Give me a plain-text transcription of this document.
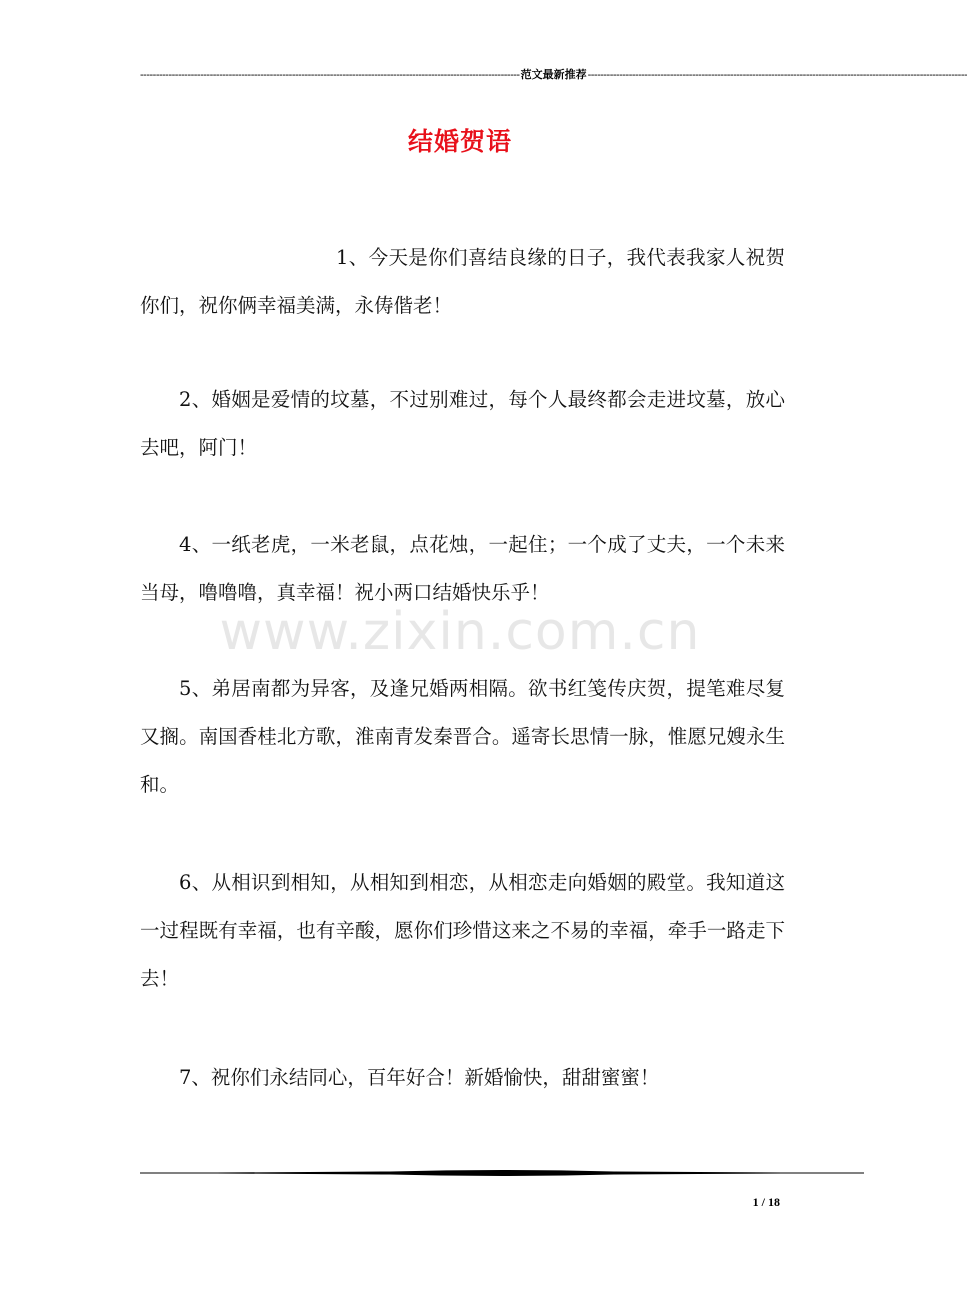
------------------------------------------------------------------------------------------------------------------------ 范文最新推荐 ------------------------------------------------------------------------------------------------------------------------
结婚贺语
www.zixin.com.cn

1、今天是你们喜结良缘的日子，我代表我家人祝贺你们，祝你俩幸福美满，永俦偕老！

2、婚姻是爱情的坟墓，不过别难过，每个人最终都会走进坟墓，放心去吧，阿门！

4、一纸老虎，一米老鼠，点花烛，一起住；一个成了丈夫，一个未来当母，噜噜噜，真幸福！祝小两口结婚快乐乎！

5、弟居南都为异客，及逢兄婚两相隔。欲书红笺传庆贺，提笔难尽复又搁。南国香桂北方歌，淮南青发秦晋合。遥寄长思情一脉，惟愿兄嫂永生和。

6、从相识到相知，从相知到相恋，从相恋走向婚姻的殿堂。我知道这一过程既有幸福，也有辛酸，愿你们珍惜这来之不易的幸福，牵手一路走下去！

7、祝你们永结同心，百年好合！新婚愉快，甜甜蜜蜜！

1 / 18
